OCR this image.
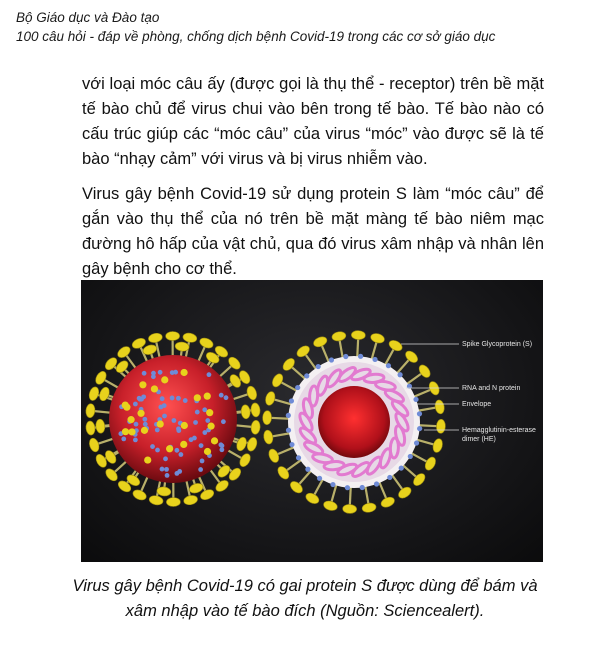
Bộ Giáo dục và Đào tạo
100 câu hỏi - đáp về phòng, chống dịch bệnh Covid-19 trong các cơ sở giáo dục

với loại móc câu ấy (được gọi là thụ thể - receptor) trên bề mặt tế bào chủ để virus chui vào bên trong tế bào. Tế bào nào có cấu trúc giúp các “móc câu” của virus “móc” vào được sẽ là tế bào “nhạy cảm” với virus và bị virus nhiễm vào.

Virus gây bệnh Covid-19 sử dụng protein S làm “móc câu” để gắn vào thụ thể của nó trên bề mặt màng tế bào niêm mạc đường hô hấp của vật chủ, qua đó virus xâm nhập và nhân lên gây bệnh cho cơ thể.

Spike Glycoprotein (S)
RNA and N protein
Envelope
Hemagglutinin-esterase
dimer (HE)
Virus gây bệnh Covid-19 có gai protein S được dùng để bám và
xâm nhập vào tế bào đích (Nguồn: Sciencealert).
